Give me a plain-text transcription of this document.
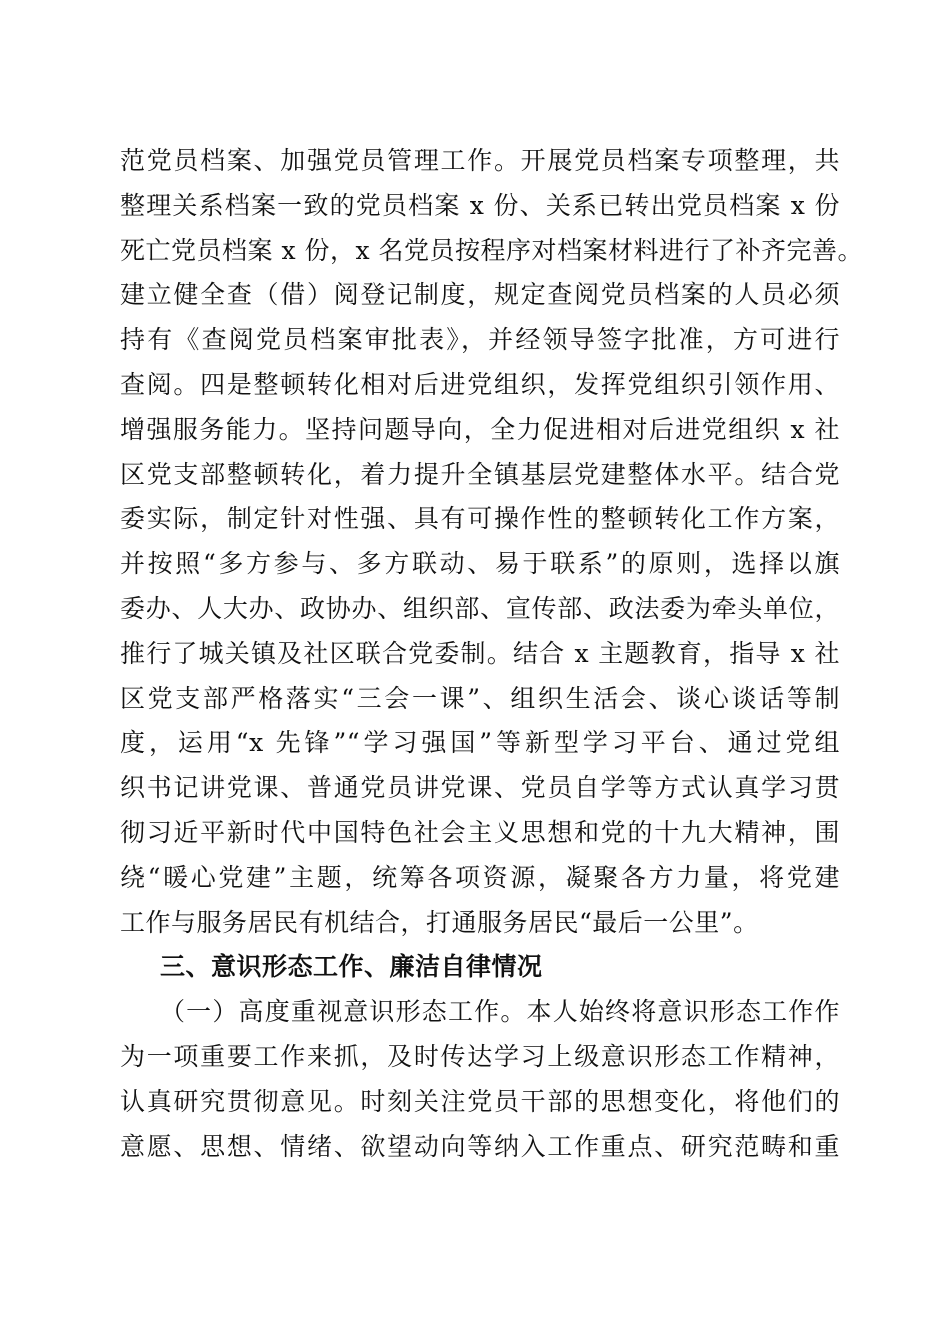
范党员档案、加强党员管理工作。开展党员档案专项整理，共
整理关系档案一致的党员档案 x 份、关系已转出党员档案 x 份
死亡党员档案 x 份，x 名党员按程序对档案材料进行了补齐完善。
建立健全查（借）阅登记制度，规定查阅党员档案的人员必须
持有《查阅党员档案审批表》，并经领导签字批准，方可进行
查阅。四是整顿转化相对后进党组织，发挥党组织引领作用、
增强服务能力。坚持问题导向，全力促进相对后进党组织 x 社
区党支部整顿转化，着力提升全镇基层党建整体水平。结合党
委实际，制定针对性强、具有可操作性的整顿转化工作方案，
并按照“多方参与、多方联动、易于联系”的原则，选择以旗
委办、人大办、政协办、组织部、宣传部、政法委为牵头单位，
推行了城关镇及社区联合党委制。结合 x 主题教育，指导 x 社
区党支部严格落实“三会一课”、组织生活会、谈心谈话等制
度，运用“x 先锋”“学习强国”等新型学习平台、通过党组
织书记讲党课、普通党员讲党课、党员自学等方式认真学习贯
彻习近平新时代中国特色社会主义思想和党的十九大精神，围
绕“暖心党建”主题，统筹各项资源，凝聚各方力量，将党建
工作与服务居民有机结合，打通服务居民“最后一公里”。
三、意识形态工作、廉洁自律情况
（一）高度重视意识形态工作。本人始终将意识形态工作作
为一项重要工作来抓，及时传达学习上级意识形态工作精神，
认真研究贯彻意见。时刻关注党员干部的思想变化，将他们的
意愿、思想、情绪、欲望动向等纳入工作重点、研究范畴和重
